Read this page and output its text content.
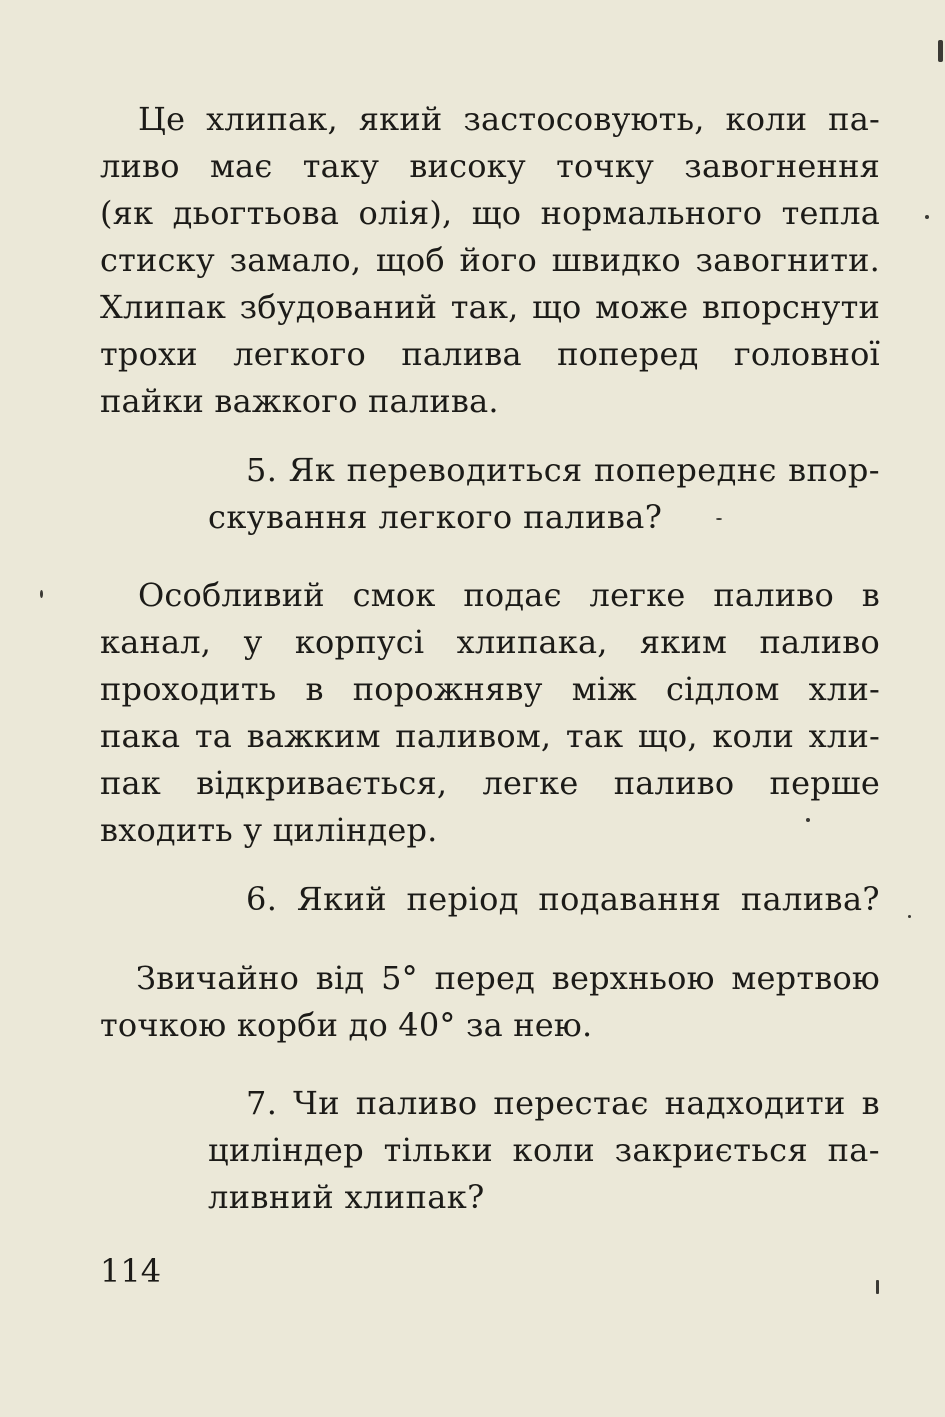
Це хлипак, який застосовують, коли па-
ливо має таку високу точку завогнення
(як дьогтьова олія), що нормального тепла
стиску замало, щоб його швидко завогнити.
Хлипак збудований так, що може впорснути
трохи легкого палива поперед головної
пайки важкого палива.
5. Як переводиться попереднє впор-
скування легкого палива?
Особливий смок подає легке паливо в
канал, у корпусі хлипака, яким паливо
проходить в порожняву між сідлом хли-
пака та важким паливом, так що, коли хли-
пак відкривається, легке паливо перше
входить у циліндер.
6. Який період подавання палива?
Звичайно від 5° перед верхньою мертвою
точкою корби до 40° за нею.
7. Чи паливо перестає надходити в
циліндер тільки коли закриється па-
ливний хлипак?
114
